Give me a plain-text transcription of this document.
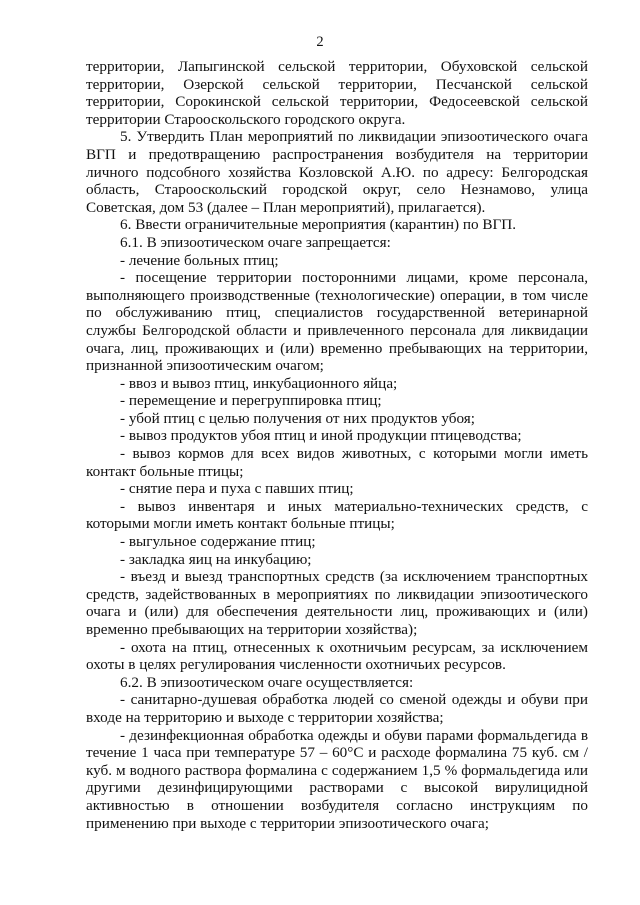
2

территории, Лапыгинской сельской территории, Обуховской сельской территории, Озерской сельской территории, Песчанской сельской территории, Сорокинской сельской территории, Федосеевской сельской территории Старооскольского городского округа.

5. Утвердить План мероприятий по ликвидации эпизоотического очага ВГП и предотвращению распространения возбудителя на территории личного подсобного хозяйства Козловской А.Ю. по адресу: Белгородская область, Старооскольский городской округ, село Незнамово, улица Советская, дом 53 (далее – План мероприятий), прилагается).

6. Ввести ограничительные мероприятия (карантин) по ВГП.

6.1. В эпизоотическом очаге запрещается:

- лечение больных птиц;

- посещение территории посторонними лицами, кроме персонала, выполняющего производственные (технологические) операции, в том числе по обслуживанию птиц, специалистов государственной ветеринарной службы Белгородской области и привлеченного персонала для ликвидации очага, лиц, проживающих и (или) временно пребывающих на территории, признанной эпизоотическим очагом;

- ввоз и вывоз птиц, инкубационного яйца;

- перемещение и перегруппировка птиц;

- убой птиц с целью получения от них продуктов убоя;

- вывоз продуктов убоя птиц и иной продукции птицеводства;

- вывоз кормов для всех видов животных, с которыми могли иметь контакт больные птицы;

- снятие пера и пуха с павших птиц;

- вывоз инвентаря и иных материально-технических средств, с которыми могли иметь контакт больные птицы;

- выгульное содержание птиц;

- закладка яиц на инкубацию;

- въезд и выезд транспортных средств (за исключением транспортных средств, задействованных в мероприятиях по ликвидации эпизоотического очага и (или) для обеспечения деятельности лиц, проживающих и (или) временно пребывающих на территории хозяйства);

- охота на птиц, отнесенных к охотничьим ресурсам, за исключением охоты в целях регулирования численности охотничьих ресурсов.

6.2. В эпизоотическом очаге осуществляется:

- санитарно-душевая обработка людей со сменой одежды и обуви при входе на территорию и выходе с территории хозяйства;

- дезинфекционная обработка одежды и обуви парами формальдегида в течение 1 часа при температуре 57 – 60°С и расходе формалина 75 куб. см / куб. м водного раствора формалина с содержанием 1,5 % формальдегида или другими дезинфицирующими растворами с высокой вирулицидной активностью в отношении возбудителя согласно инструкциям по применению при выходе с территории эпизоотического очага;
